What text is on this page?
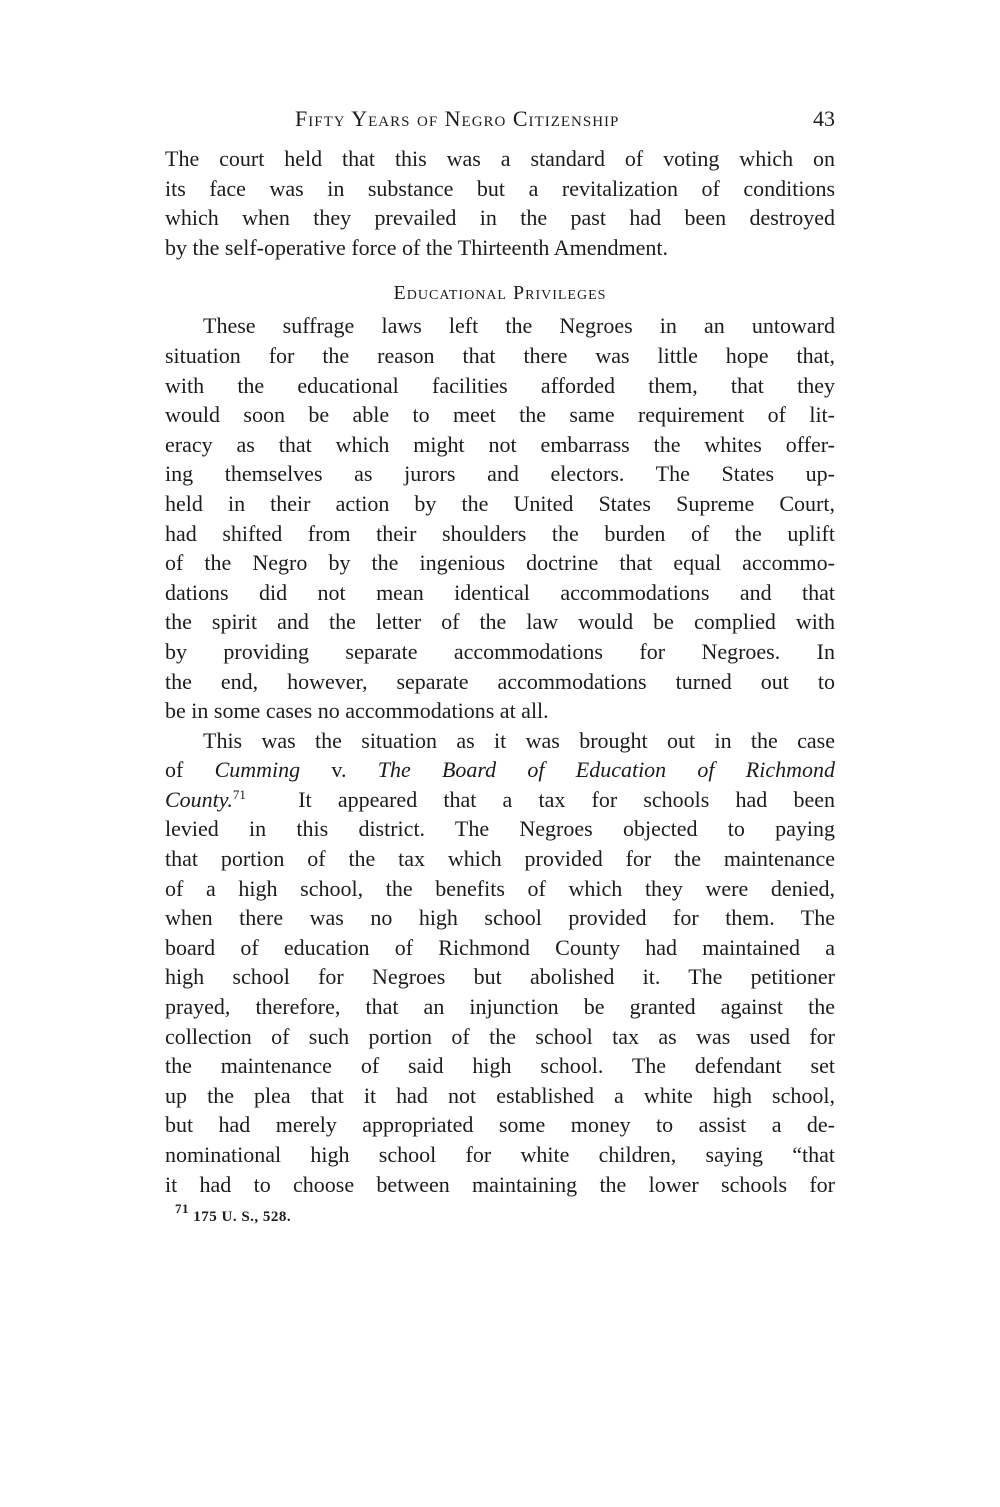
Fifty Years of Negro Citizenship	43
The court held that this was a standard of voting which on
its face was in substance but a revitalization of conditions
which when they prevailed in the past had been destroyed
by the self-operative force of the Thirteenth Amendment.
Educational Privileges
These suffrage laws left the Negroes in an untoward
situation for the reason that there was little hope that,
with the educational facilities afforded them, that they
would soon be able to meet the same requirement of lit-
eracy as that which might not embarrass the whites offer-
ing themselves as jurors and electors. The States up-
held in their action by the United States Supreme Court,
had shifted from their shoulders the burden of the uplift
of the Negro by the ingenious doctrine that equal accommo-
dations did not mean identical accommodations and that
the spirit and the letter of the law would be complied with
by providing separate accommodations for Negroes. In
the end, however, separate accommodations turned out to
be in some cases no accommodations at all.
This was the situation as it was brought out in the case
of Cumming v. The Board of Education of Richmond
County.$^{71}$ It appeared that a tax for schools had been
levied in this district. The Negroes objected to paying
that portion of the tax which provided for the maintenance
of a high school, the benefits of which they were denied,
when there was no high school provided for them. The
board of education of Richmond County had maintained a
high school for Negroes but abolished it. The petitioner
prayed, therefore, that an injunction be granted against the
collection of such portion of the school tax as was used for
the maintenance of said high school. The defendant set
up the plea that it had not established a white high school,
but had merely appropriated some money to assist a de-
nominational high school for white children, saying “that
it had to choose between maintaining the lower schools for
$^{71}$ 175 U. S., 528.
